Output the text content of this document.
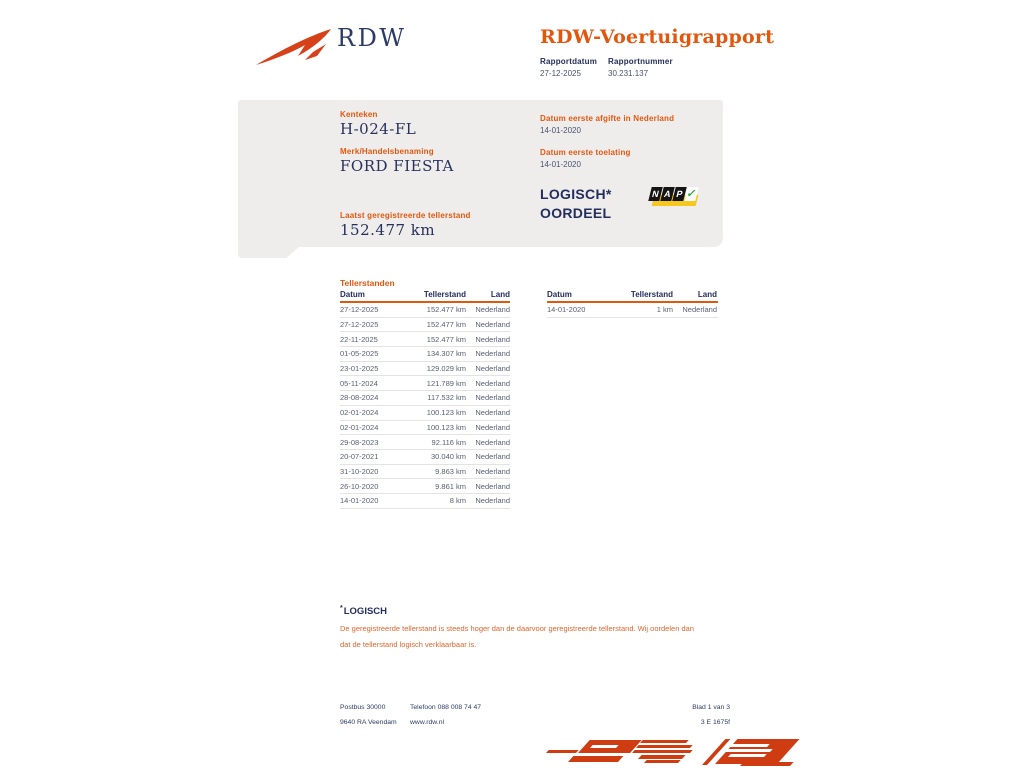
RDW	RDW-Voertuigrapport
Rapportdatum Rapportnummer
27-12-2025	30.231.137
Kenteken
H-024-FL
Merk/Handelsbenaming
FORD FIESTA
Laatst geregistreerde tellerstand
152.477 km
Datum eerste afgifte in Nederland
14-01-2020
Datum eerste toelating
14-01-2020
LOGISCH*
OORDEEL
N A P ✓
Tellerstanden
Datum	Tellerstand	Land
27-12-2025	152.477 km	Nederland
27-12-2025	152.477 km	Nederland
22-11-2025	152.477 km	Nederland
01-05-2025	134.307 km	Nederland
23-01-2025	129.029 km	Nederland
05-11-2024	121.789 km	Nederland
28-08-2024	117.532 km	Nederland
02-01-2024	100.123 km	Nederland
02-01-2024	100.123 km	Nederland
29-08-2023	92.116 km	Nederland
20-07-2021	30.040 km	Nederland
31-10-2020	9.863 km	Nederland
26-10-2020	9.861 km	Nederland
14-01-2020	8 km	Nederland
Datum	Tellerstand	Land
14-01-2020	1 km	Nederland
*LOGISCH
De geregistreerde tellerstand is steeds hoger dan de daarvoor geregistreerde tellerstand. Wij oordelen dan
dat de tellerstand logisch verklaarbaar is.
Postbus 30000
9640 RA Veendam
Telefoon 088 008 74 47
www.rdw.nl
Blad 1 van 3
3 E 1675f
